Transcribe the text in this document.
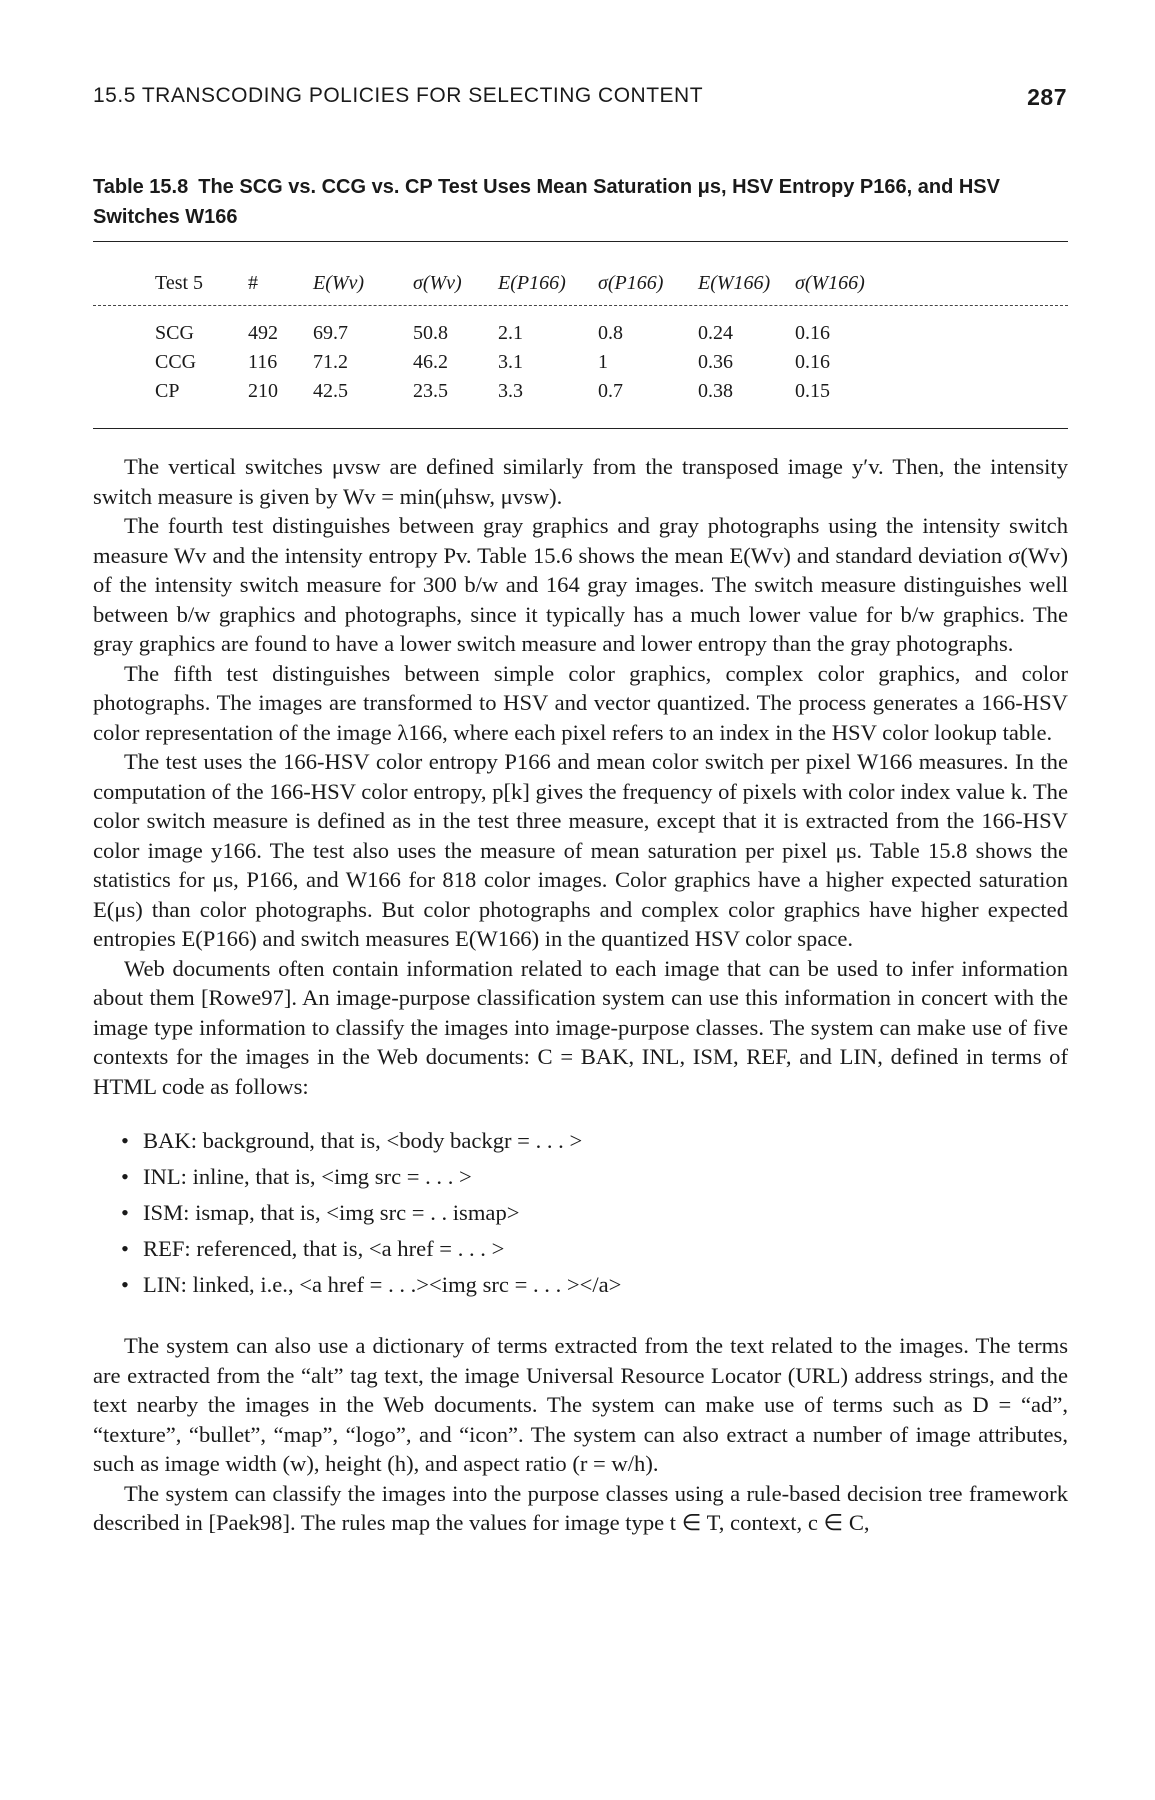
15.5 TRANSCODING POLICIES FOR SELECTING CONTENT	287
Table 15.8 The SCG vs. CCG vs. CP Test Uses Mean Saturation μs, HSV Entropy P166, and HSV Switches W166
Test 5	#	E(Wv)	σ(Wv)	E(P166)	σ(P166)	E(W166)	σ(W166)

SCG	492	69.7	50.8	2.1	0.8	0.24	0.16
CCG	116	71.2	46.2	3.1	1	0.36	0.16
CP	210	42.5	23.5	3.3	0.7	0.38	0.15

The vertical switches μvsw are defined similarly from the transposed image y′v. Then, the intensity switch measure is given by Wv = min(μhsw, μvsw).

The fourth test distinguishes between gray graphics and gray photographs using the intensity switch measure Wv and the intensity entropy Pv. Table 15.6 shows the mean E(Wv) and standard deviation σ(Wv) of the intensity switch measure for 300 b/w and 164 gray images. The switch measure distinguishes well between b/w graphics and photographs, since it typically has a much lower value for b/w graphics. The gray graphics are found to have a lower switch measure and lower entropy than the gray photographs.

The fifth test distinguishes between simple color graphics, complex color graphics, and color photographs. The images are transformed to HSV and vector quantized. The process generates a 166-HSV color representation of the image λ166, where each pixel refers to an index in the HSV color lookup table.

The test uses the 166-HSV color entropy P166 and mean color switch per pixel W166 measures. In the computation of the 166-HSV color entropy, p[k] gives the frequency of pixels with color index value k. The color switch measure is defined as in the test three measure, except that it is extracted from the 166-HSV color image y166. The test also uses the measure of mean saturation per pixel μs. Table 15.8 shows the statistics for μs, P166, and W166 for 818 color images. Color graphics have a higher expected saturation E(μs) than color photographs. But color photographs and complex color graphics have higher expected entropies E(P166) and switch measures E(W166) in the quantized HSV color space.

Web documents often contain information related to each image that can be used to infer information about them [Rowe97]. An image-purpose classification system can use this information in concert with the image type information to classify the images into image-purpose classes. The system can make use of five contexts for the images in the Web documents: C = BAK, INL, ISM, REF, and LIN, defined in terms of HTML code as follows:

• BAK: background, that is, <body backgr = . . . >
• INL: inline, that is, <img src = . . . >
• ISM: ismap, that is, <img src = . . ismap>
• REF: referenced, that is, <a href = . . . >
• LIN: linked, i.e., <a href = . . .><img src = . . . ></a>

The system can also use a dictionary of terms extracted from the text related to the images. The terms are extracted from the “alt” tag text, the image Universal Resource Locator (URL) address strings, and the text nearby the images in the Web documents. The system can make use of terms such as D = “ad”, “texture”, “bullet”, “map”, “logo”, and “icon”. The system can also extract a number of image attributes, such as image width (w), height (h), and aspect ratio (r = w/h).

The system can classify the images into the purpose classes using a rule-based decision tree framework described in [Paek98]. The rules map the values for image type t ∈ T, context, c ∈ C,
